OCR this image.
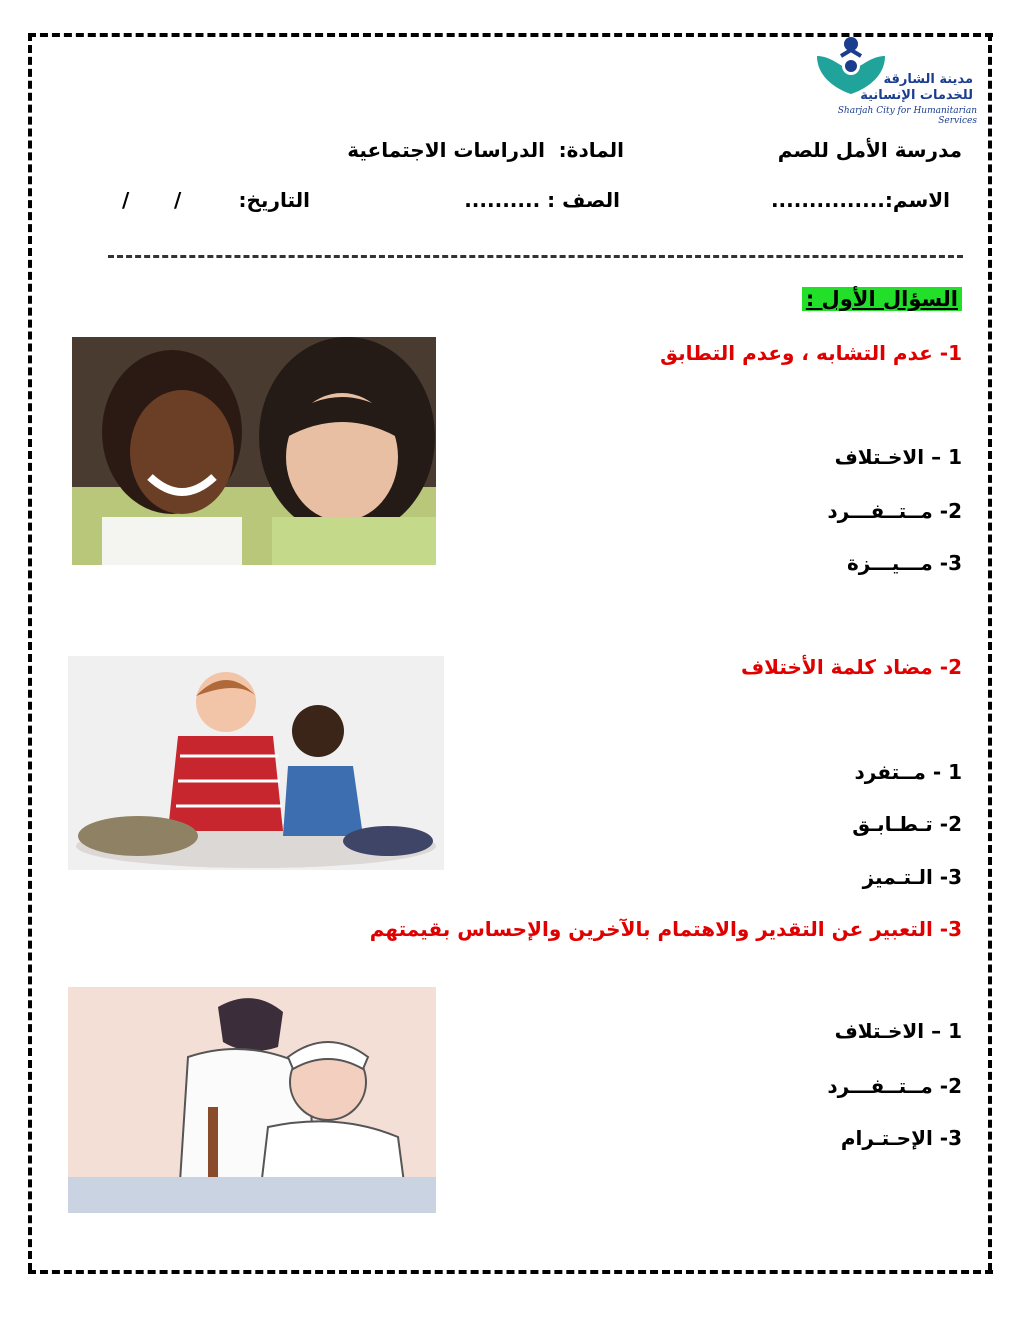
مدينة الشارقة
للخدمات الإنسانية
Sharjah City for Humanitarian Services
مدرسة الأمل للصم
المادة:
الدراسات الاجتماعية
الاسم:...............
الصف : ..........
التاريخ:
/
/
السؤال الأول :
1- عدم التشابه ، وعدم التطابق
1 – الاخـتلاف
2- مــتــفـــرد
3- مـــيـــزة
2- مضاد كلمة الأختلاف
1 - مــتفرد
2- تـطـابـق
3- الـتـميز
3- التعبير عن التقدير والاهتمام بالآخرين والإحساس بقيمتهم
1 – الاخـتلاف
2- مــتــفـــرد
3- الإحـتـرام
